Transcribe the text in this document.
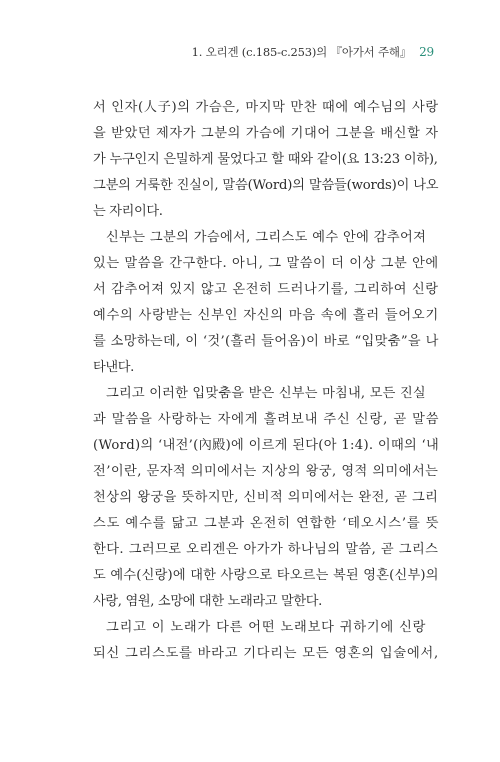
1. 오리겐 (c.185-c.253)의 『아가서 주해』 29
서 인자(人子)의 가슴은, 마지막 만찬 때에 예수님의 사랑
을 받았던 제자가 그분의 가슴에 기대어 그분을 배신할 자
가 누구인지 은밀하게 물었다고 할 때와 같이(요 13:23 이하),
그분의 거룩한 진실이, 말씀(Word)의 말씀들(words)이 나오
는 자리이다.
신부는 그분의 가슴에서, 그리스도 예수 안에 감추어져
있는 말씀을 간구한다. 아니, 그 말씀이 더 이상 그분 안에
서 감추어져 있지 않고 온전히 드러나기를, 그리하여 신랑
예수의 사랑받는 신부인 자신의 마음 속에 흘러 들어오기
를 소망하는데, 이 ‘것’(흘러 들어옴)이 바로 “입맞춤”을 나
타낸다.
그리고 이러한 입맞춤을 받은 신부는 마침내, 모든 진실
과 말씀을 사랑하는 자에게 흘려보내 주신 신랑, 곧 말씀
(Word)의 ‘내전’(內殿)에 이르게 된다(아 1:4). 이때의 ‘내
전’이란, 문자적 의미에서는 지상의 왕궁, 영적 의미에서는
천상의 왕궁을 뜻하지만, 신비적 의미에서는 완전, 곧 그리
스도 예수를 닮고 그분과 온전히 연합한 ‘테오시스’를 뜻
한다. 그러므로 오리겐은 아가가 하나님의 말씀, 곧 그리스
도 예수(신랑)에 대한 사랑으로 타오르는 복된 영혼(신부)의
사랑, 염원, 소망에 대한 노래라고 말한다.
그리고 이 노래가 다른 어떤 노래보다 귀하기에 신랑
되신 그리스도를 바라고 기다리는 모든 영혼의 입술에서,
